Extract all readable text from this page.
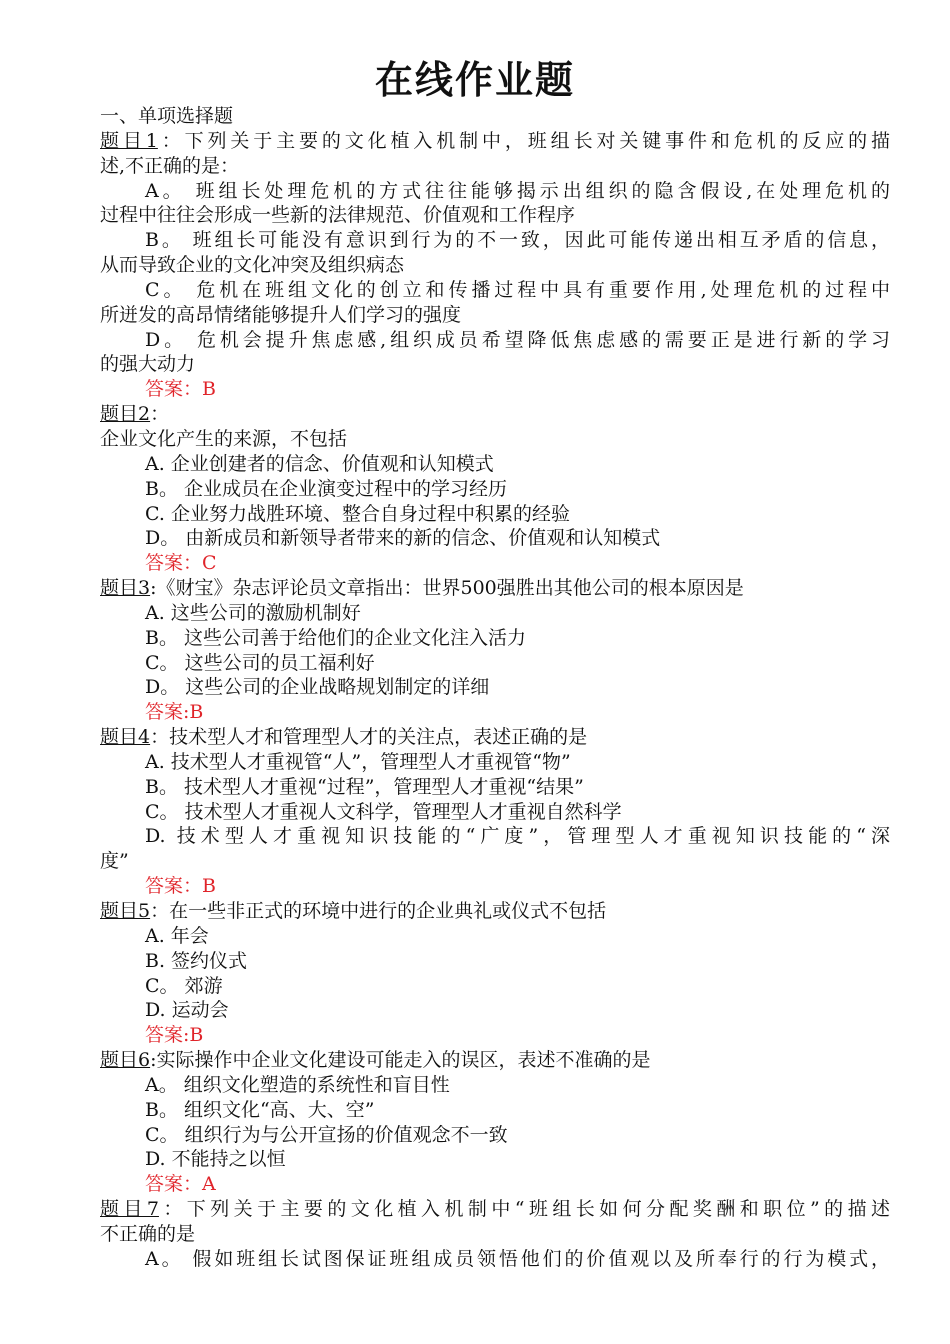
在线作业题
一、单项选择题
题目1：下列关于主要的文化植入机制中，班组长对关键事件和危机的反应的描
述,不正确的是：
A。 班组长处理危机的方式往往能够揭示出组织的隐含假设,在处理危机的
过程中往往会形成一些新的法律规范、价值观和工作程序
B。 班组长可能没有意识到行为的不一致，因此可能传递出相互矛盾的信息，
从而导致企业的文化冲突及组织病态
C。 危机在班组文化的创立和传播过程中具有重要作用,处理危机的过程中
所迸发的高昂情绪能够提升人们学习的强度
D。 危机会提升焦虑感,组织成员希望降低焦虑感的需要正是进行新的学习
的强大动力
答案：B
题目2：
企业文化产生的来源，不包括
A. 企业创建者的信念、价值观和认知模式
B。 企业成员在企业演变过程中的学习经历
C. 企业努力战胜环境、整合自身过程中积累的经验
D。 由新成员和新领导者带来的新的信念、价值观和认知模式
答案：C
题目3:《财宝》杂志评论员文章指出：世界500强胜出其他公司的根本原因是
A. 这些公司的激励机制好
B。 这些公司善于给他们的企业文化注入活力
C。 这些公司的员工福利好
D。 这些公司的企业战略规划制定的详细
答案:B
题目4：技术型人才和管理型人才的关注点，表述正确的是
A. 技术型人才重视管“人”，管理型人才重视管“物”
B。 技术型人才重视“过程”，管理型人才重视“结果”
C。 技术型人才重视人文科学，管理型人才重视自然科学
D. 技术型人才重视知识技能的“广度”，管理型人才重视知识技能的“深
度”
答案：B
题目5：在一些非正式的环境中进行的企业典礼或仪式不包括
A. 年会
B. 签约仪式
C。 郊游
D. 运动会
答案:B
题目6:实际操作中企业文化建设可能走入的误区，表述不准确的是
A。 组织文化塑造的系统性和盲目性
B。 组织文化“高、大、空”
C。 组织行为与公开宣扬的价值观念不一致
D. 不能持之以恒
答案：A
题目7：下列关于主要的文化植入机制中“班组长如何分配奖酬和职位”的描述
不正确的是
A。 假如班组长试图保证班组成员领悟他们的价值观以及所奉行的行为模式，
